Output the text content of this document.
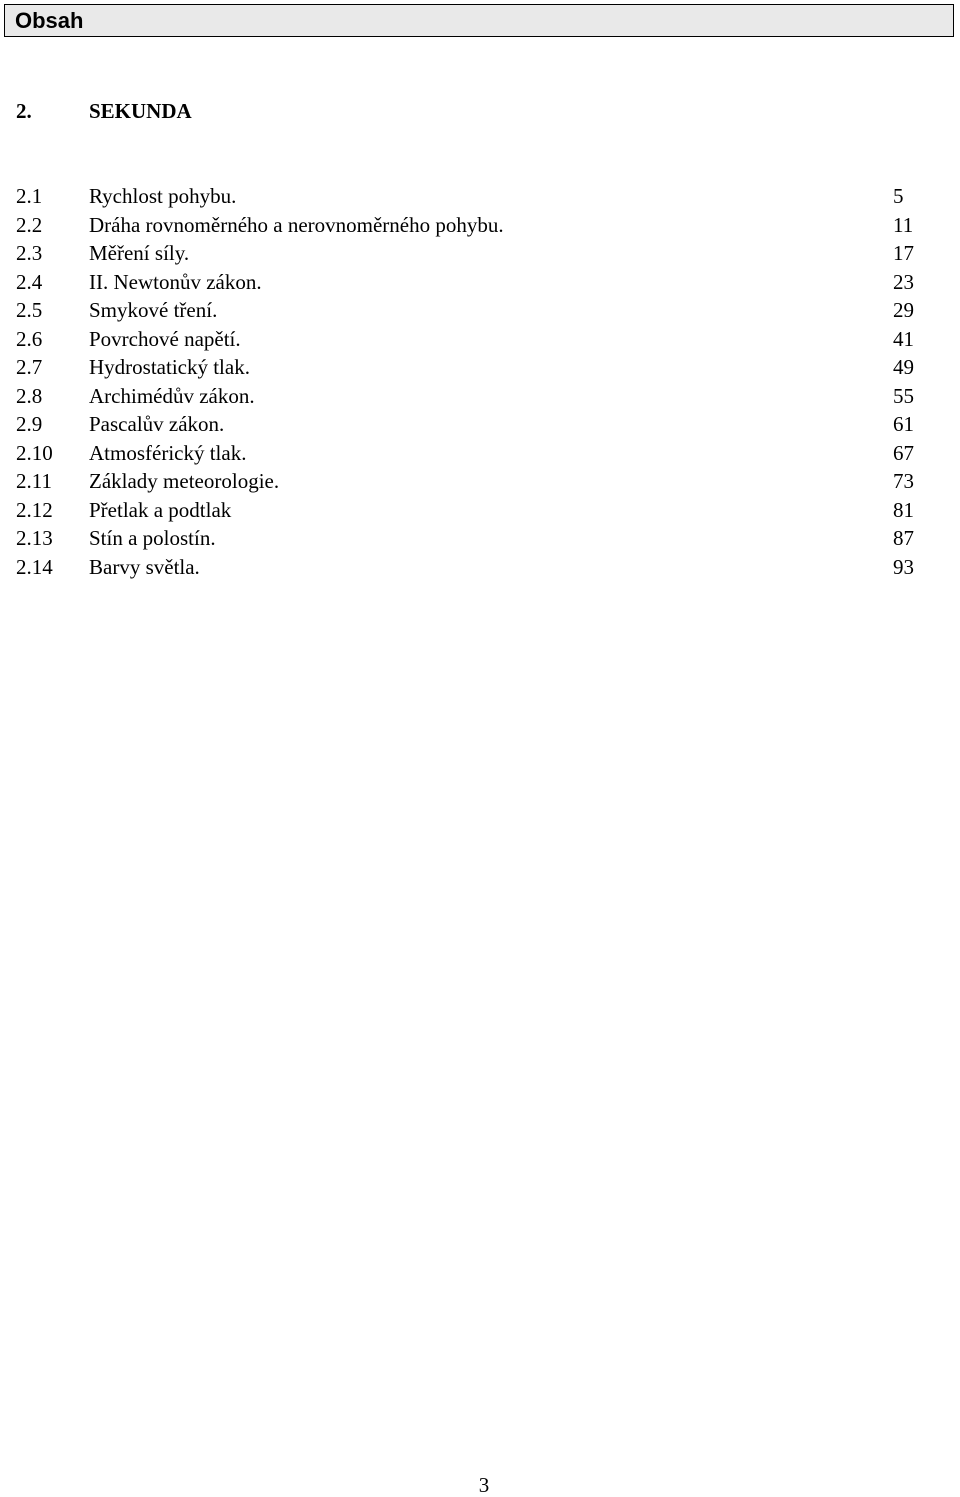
Obsah
2.	SEKUNDA
2.1 Rychlost pohybu.	5
2.2 Dráha rovnoměrného a nerovnoměrného pohybu.	11
2.3 Měření síly.	17
2.4 II. Newtonův zákon.	23
2.5 Smykové tření.	29
2.6 Povrchové napětí.	41
2.7 Hydrostatický tlak.	49
2.8 Archimédův zákon.	55
2.9 Pascalův zákon.	61
2.10 Atmosférický tlak.	67
2.11 Základy meteorologie.	73
2.12 Přetlak a podtlak	81
2.13 Stín a polostín.	87
2.14 Barvy světla.	93
3
